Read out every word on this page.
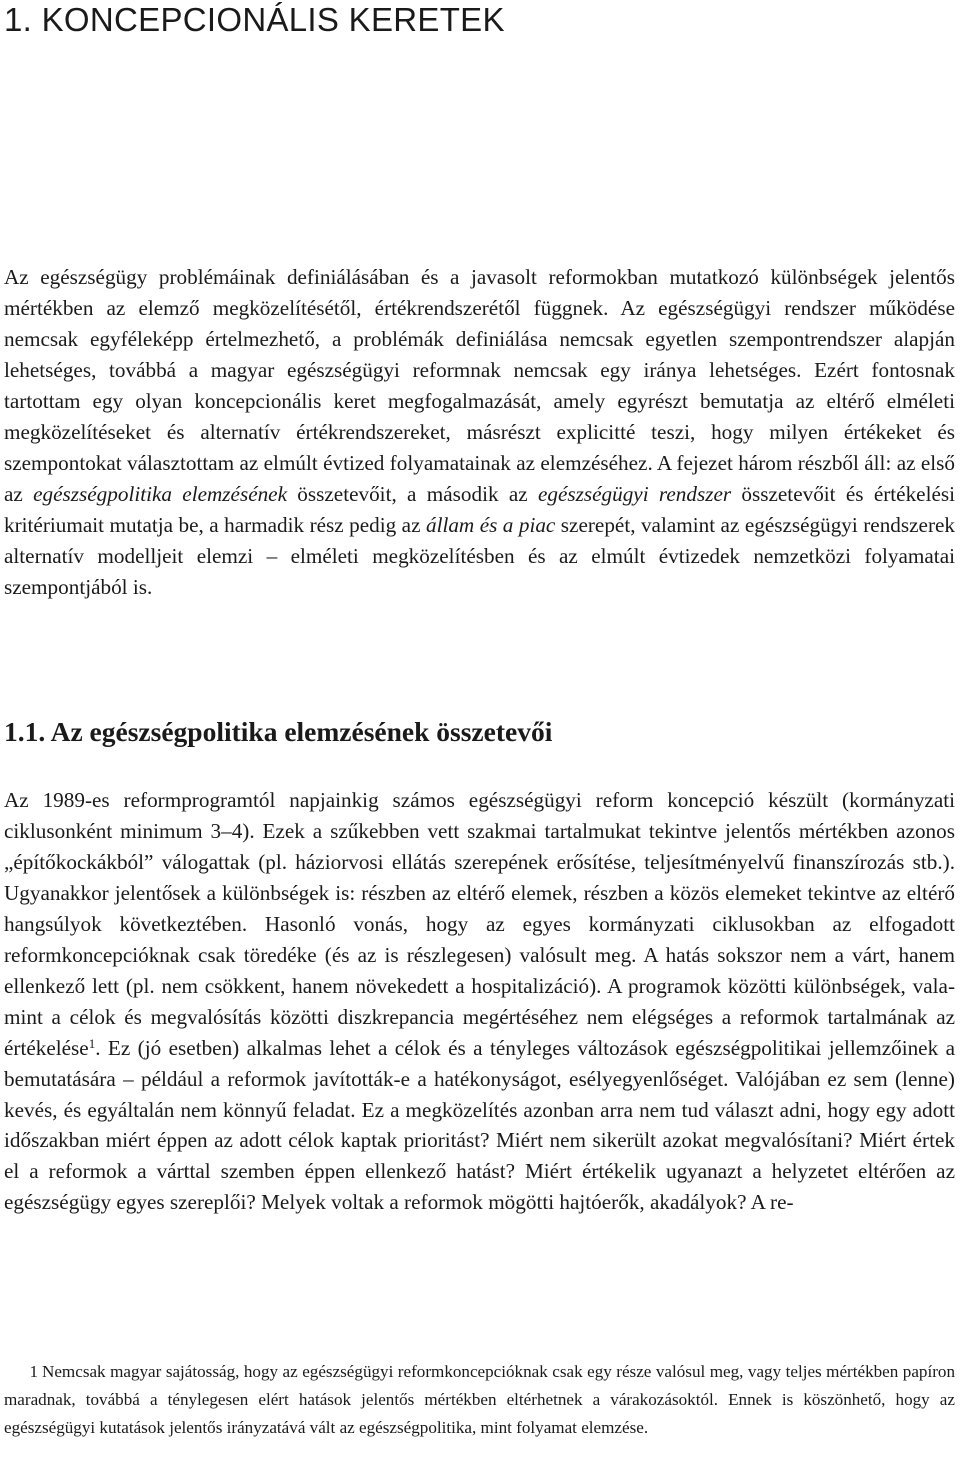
1. KONCEPCIONÁLIS KERETEK

Az egészségügy problémáinak definiálásában és a javasolt reformokban mutatkozó különbségek jelentős mértékben az elemző megközelítésétől, értékrendszerétől függnek. Az egészségügyi rendszer működése nemcsak egyféleképp értelmezhető, a problémák definiálása nemcsak egyetlen szempontrendszer alapján lehetséges, továbbá a magyar egészségügyi reformnak nemcsak egy iránya lehetséges. Ezért fontosnak tartottam egy olyan koncepcionális keret megfogalmazását, amely egyrészt bemutatja az eltérő elméleti megközelítéseket és alternatív értékrendszereket, másrészt explicitté teszi, hogy milyen értékeket és szempontokat választottam az elmúlt évtized folyamatainak az elemzéséhez. A fejezet három részből áll: az első az egészségpolitika elemzésének összetevőit, a második az egészségügyi rendszer összetevőit és értékelési kritériumait mutatja be, a harmadik rész pedig az állam és a piac szerepét, valamint az egészségügyi rendszerek alternatív modelljeit elemzi – elméleti megközelítésben és az elmúlt évtizedek nemzetközi folyamatai szempontjából is.

1.1. Az egészségpolitika elemzésének összetevői

Az 1989-es reformprogramtól napjainkig számos egészségügyi reform koncepció készült (kormányzati ciklusonként minimum 3–4). Ezek a szűkebben vett szakmai tartalmukat tekintve jelentős mértékben azonos „építőkockákból” válogattak (pl. háziorvosi ellátás szerepének erősítése, teljesítményelvű finanszírozás stb.). Ugyanakkor jelentősek a különbségek is: részben az eltérő elemek, részben a közös elemeket tekintve az eltérő hangsúlyok következtében. Hasonló vonás, hogy az egyes kormányzati ciklusokban az elfogadott reformkoncepcióknak csak töredéke (és az is részlegesen) valósult meg. A hatás sokszor nem a várt, hanem ellenkező lett (pl. nem csökkent, hanem növekedett a hospitalizáció). A programok közötti különbségek, valamint a célok és megvalósítás közötti diszkrepancia megértéséhez nem elégséges a reformok tartalmának az értékelése$^1$. Ez (jó esetben) alkalmas lehet a célok és a tényleges változások egészségpolitikai jellemzőinek a bemutatására – például a reformok javították-e a hatékonyságot, esélyegyenlőséget. Valójában ez sem (lenne) kevés, és egyáltalán nem könnyű feladat. Ez a megközelítés azonban arra nem tud választ adni, hogy egy adott időszakban miért éppen az adott célok kaptak prioritást? Miért nem sikerült azokat megvalósítani? Miért értek el a reformok a várttal szemben éppen ellenkező hatást? Miért értékelik ugyanazt a helyzetet eltérően az egészségügy egyes szereplői? Melyek voltak a reformok mögötti hajtóerők, akadályok? A re-

1 Nemcsak magyar sajátosság, hogy az egészségügyi reformkoncepcióknak csak egy része valósul meg, vagy teljes mértékben papíron maradnak, továbbá a ténylegesen elért hatások jelentős mértékben eltérhetnek a várakozásoktól. Ennek is köszönhető, hogy az egészségügyi kutatások jelentős irányzatává vált az egészségpolitika, mint folyamat elemzése.
